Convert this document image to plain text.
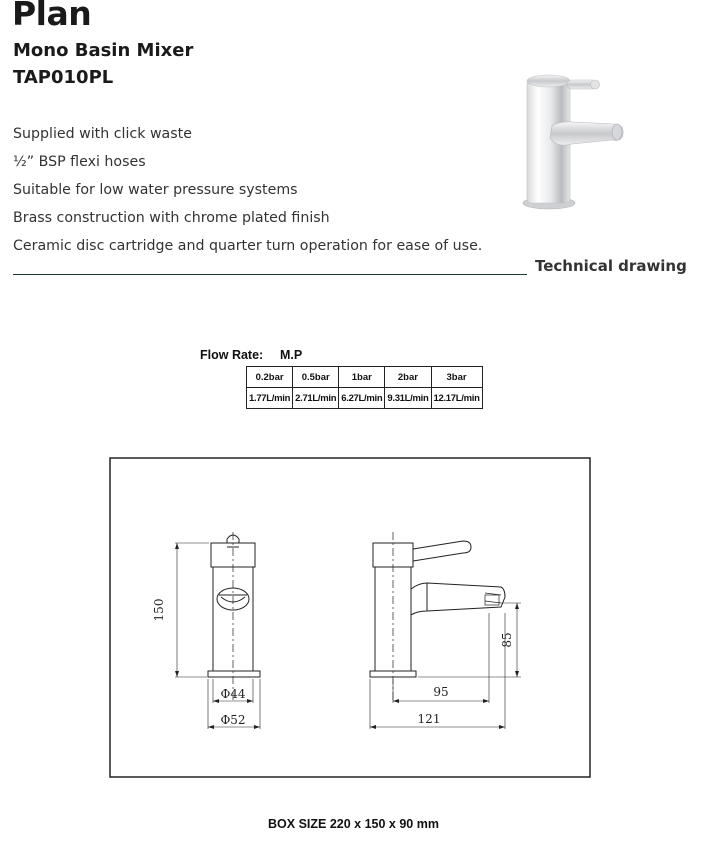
Plan
Mono Basin Mixer
TAP010PL
Supplied with click waste
½” BSP flexi hoses
Suitable for low water pressure systems
Brass construction with chrome plated finish
Ceramic disc cartridge and quarter turn operation for ease of use.
Technical drawing
Flow Rate: M.P
0.2bar	0.5bar	1bar	2bar	3bar
1.77L/min	2.71L/min	6.27L/min	9.31L/min	12.17L/min
150
Φ44
Φ52
85
95
121
BOX SIZE 220 x 150 x 90 mm
